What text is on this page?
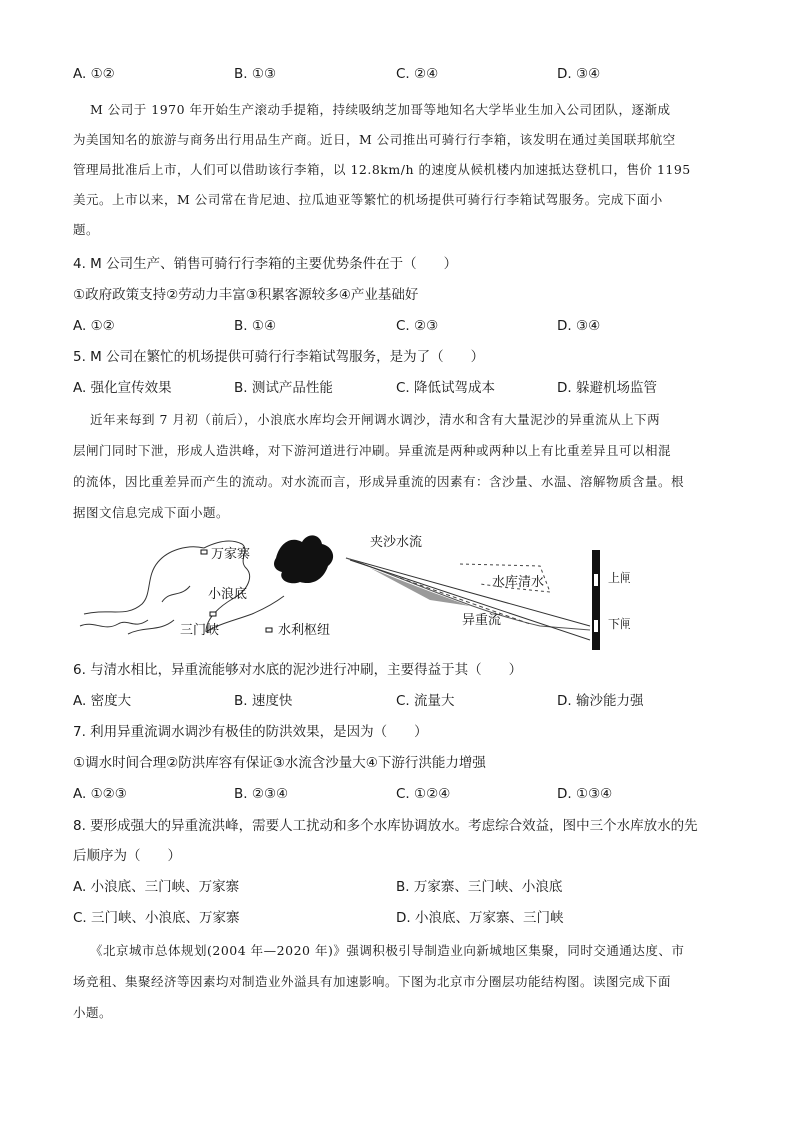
A. ①②	B. ①③	C. ②④	D. ③④
M 公司于 1970 年开始生产滚动手提箱，持续吸纳芝加哥等地知名大学毕业生加入公司团队，逐渐成
为美国知名的旅游与商务出行用品生产商。近日，M 公司推出可骑行行李箱，该发明在通过美国联邦航空
管理局批准后上市，人们可以借助该行李箱，以 12.8km/h 的速度从候机楼内加速抵达登机口，售价 1195
美元。上市以来，M 公司常在肯尼迪、拉瓜迪亚等繁忙的机场提供可骑行行李箱试驾服务。完成下面小
题。
4. M 公司生产、销售可骑行行李箱的主要优势条件在于（　　）
①政府政策支持②劳动力丰富③积累客源较多④产业基础好
A. ①②	B. ①④	C. ②③	D. ③④
5. M 公司在繁忙的机场提供可骑行行李箱试驾服务，是为了（　　）
A. 强化宣传效果	B. 测试产品性能	C. 降低试驾成本	D. 躲避机场监管
近年来每到 7 月初（前后），小浪底水库均会开闸调水调沙，清水和含有大量泥沙的异重流从上下两
层闸门同时下泄，形成人造洪峰，对下游河道进行冲刷。异重流是两种或两种以上有比重差异且可以相混
的流体，因比重差异而产生的流动。对水流而言，形成异重流的因素有：含沙量、水温、溶解物质含量。根
据图文信息完成下面小题。
万家寨
小浪底
三门峡	水利枢纽
夹沙水流
水库清水
异重流
上闸
下闸
6. 与清水相比，异重流能够对水底的泥沙进行冲刷，主要得益于其（　　）
A. 密度大	B. 速度快	C. 流量大	D. 输沙能力强
7. 利用异重流调水调沙有极佳的防洪效果，是因为（　　）
①调水时间合理②防洪库容有保证③水流含沙量大④下游行洪能力增强
A. ①②③	B. ②③④	C. ①②④	D. ①③④
8. 要形成强大的异重流洪峰，需要人工扰动和多个水库协调放水。考虑综合效益，图中三个水库放水的先
后顺序为（　　）
A. 小浪底、三门峡、万家寨	B. 万家寨、三门峡、小浪底
C. 三门峡、小浪底、万家寨	D. 小浪底、万家寨、三门峡
《北京城市总体规划(2004 年—2020 年)》强调积极引导制造业向新城地区集聚，同时交通通达度、市
场竞租、集聚经济等因素均对制造业外溢具有加速影响。下图为北京市分圈层功能结构图。读图完成下面
小题。
